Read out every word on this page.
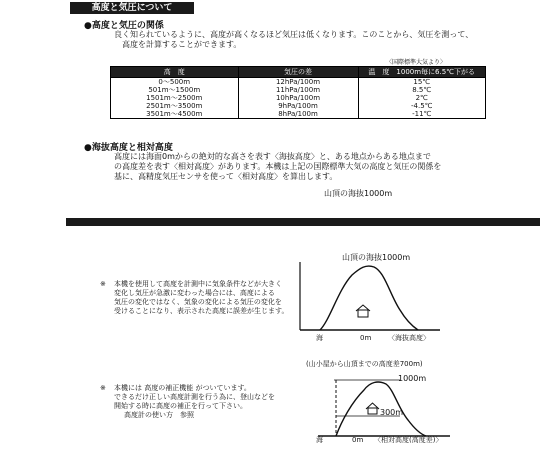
高度と気圧について
●高度と気圧の関係
良く知られているように、高度が高くなるほど気圧は低くなります。このことから、気圧を測って、
高度を計算することができます。
〈国際標準大気より〉
高　度	気圧の差	温　度　1000m毎に6.5℃下がる
0～500m	12hPa/100m	15℃
501m～1500m	11hPa/100m	8.5℃
1501m～2500m	10hPa/100m	2℃
2501m～3500m	9hPa/100m	-4.5℃
3501m～4500m	8hPa/100m	-11℃
●海抜高度と相対高度
高度には海面0mからの絶対的な高さを表す〈海抜高度〉と、ある地点からある地点まで
の高度差を表す〈相対高度〉があります。本機は上記の国際標準大気の高度と気圧の関係を
基に、高精度気圧センサを使って〈相対高度〉を算出します。
山頂の海抜1000m
山頂の海抜1000m
海	0m 〈海抜高度〉
※ 本機を使用して高度を計測中に気象条件などが大きく
変化し気圧が急激に変わった場合には、高度による
気圧の変化ではなく、気象の変化による気圧の変化を
受けることになり、表示された高度に誤差が生じます。
(山小屋から山頂までの高度差700m)
1000m
300m
海	0m 〈相対高度(高度差)〉
※ 本機には 高度の補正機能 がついています。
できるだけ正しい高度計測を行う為に、登山などを
開始する時に高度の補正を行って下さい。
高度計の使い方　参照
